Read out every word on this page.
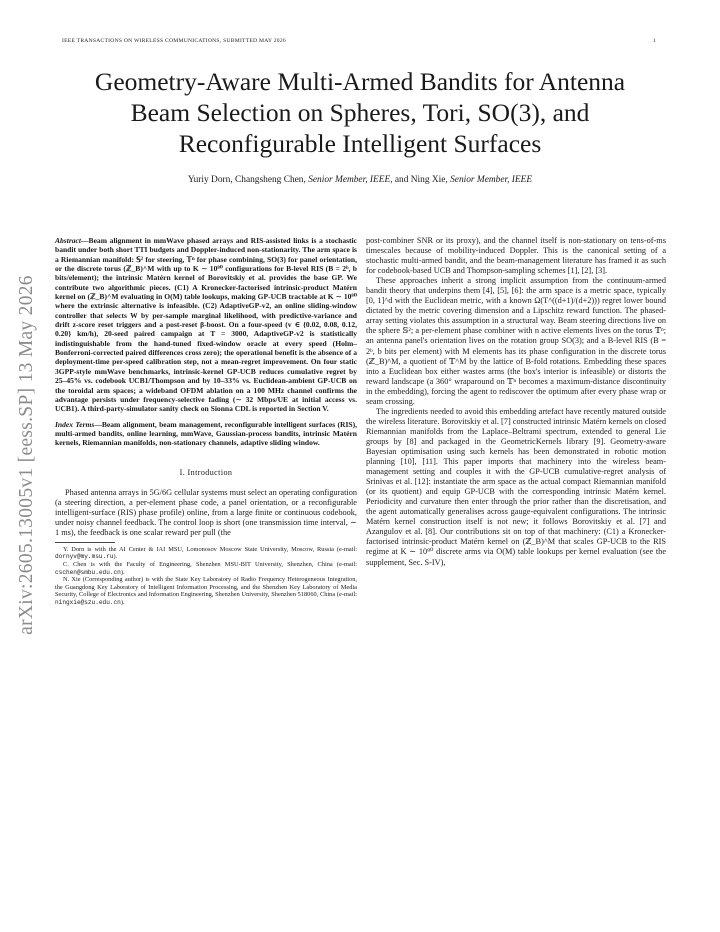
IEEE TRANSACTIONS ON WIRELESS COMMUNICATIONS, SUBMITTED MAY 2026	1
Geometry-Aware Multi-Armed Bandits for Antenna
Beam Selection on Spheres, Tori, SO(3), and
Reconfigurable Intelligent Surfaces
Yuriy Dorn, Changsheng Chen, Senior Member, IEEE, and Ning Xie, Senior Member, IEEE
arXiv:2605.13005v1 [eess.SP] 13 May 2026
Abstract—Beam alignment in mmWave phased arrays and RIS-assisted links is a stochastic bandit under both short TTI budgets and Doppler-induced non-stationarity. The arm space is a Riemannian manifold: 𝕊² for steering, 𝕋ⁿ for phase combining, SO(3) for panel orientation, or the discrete torus (ℤ_B)^M with up to K ∼ 10⁹⁰ configurations for B-level RIS (B = 2ᵇ, b bits/element); the intrinsic Matérn kernel of Borovitskiy et al. provides the base GP. We contribute two algorithmic pieces. (C1) A Kronecker-factorised intrinsic-product Matérn kernel on (ℤ_B)^M evaluating in O(M) table lookups, making GP-UCB tractable at K ∼ 10⁹⁰ where the extrinsic alternative is infeasible. (C2) AdaptiveGP-v2, an online sliding-window controller that selects W by per-sample marginal likelihood, with predictive-variance and drift z-score reset triggers and a post-reset β-boost. On a four-speed (v ∈ {0.02, 0.08, 0.12, 0.20} km/h), 20-seed paired campaign at T = 3000, AdaptiveGP-v2 is statistically indistinguishable from the hand-tuned fixed-window oracle at every speed (Holm–Bonferroni-corrected paired differences cross zero); the operational benefit is the absence of a deployment-time per-speed calibration step, not a mean-regret improvement. On four static 3GPP-style mmWave benchmarks, intrinsic-kernel GP-UCB reduces cumulative regret by 25–45% vs. codebook UCB1/Thompson and by 10–33% vs. Euclidean-ambient GP-UCB on the toroidal arm spaces; a wideband OFDM ablation on a 100 MHz channel confirms the advantage persists under frequency-selective fading (∼ 32 Mbps/UE at initial access vs. UCB1). A third-party-simulator sanity check on Sionna CDL is reported in Section V.
Index Terms—Beam alignment, beam management, reconfigurable intelligent surfaces (RIS), multi-armed bandits, online learning, mmWave, Gaussian-process bandits, intrinsic Matérn kernels, Riemannian manifolds, non-stationary channels, adaptive sliding window.
I. Introduction

Phased antenna arrays in 5G/6G cellular systems must select an operating configuration (a steering direction, a per-element phase code, a panel orientation, or a reconfigurable intelligent-surface (RIS) phase profile) online, from a large finite or continuous codebook, under noisy channel feedback. The control loop is short (one transmission time interval, ∼ 1 ms), the feedback is one scalar reward per pull (the

Y. Dorn is with the AI Center & IAI MSU, Lomonosov Moscow State University, Moscow, Russia (e-mail: dornyv@my.msu.ru).

C. Chen is with the Faculty of Engineering, Shenzhen MSU-BIT University, Shenzhen, China (e-mail: cschen@smbu.edu.cn).

N. Xie (Corresponding author) is with the State Key Laboratory of Radio Frequency Heterogeneous Integration, the Guangdong Key Laboratory of Intelligent Information Processing, and the Shenzhen Key Laboratory of Media Security, College of Electronics and Information Engineering, Shenzhen University, Shenzhen 518060, China (e-mail: ningxie@szu.edu.cn).

post-combiner SNR or its proxy), and the channel itself is non-stationary on tens-of-ms timescales because of mobility-induced Doppler. This is the canonical setting of a stochastic multi-armed bandit, and the beam-management literature has framed it as such for codebook-based UCB and Thompson-sampling schemes [1], [2], [3].

These approaches inherit a strong implicit assumption from the continuum-armed bandit theory that underpins them [4], [5], [6]: the arm space is a metric space, typically [0, 1]^d with the Euclidean metric, with a known Ω(T^((d+1)/(d+2))) regret lower bound dictated by the metric covering dimension and a Lipschitz reward function. The phased-array setting violates this assumption in a structural way. Beam steering directions live on the sphere 𝕊²; a per-element phase combiner with n active elements lives on the torus 𝕋ⁿ; an antenna panel's orientation lives on the rotation group SO(3); and a B-level RIS (B = 2ᵇ, b bits per element) with M elements has its phase configuration in the discrete torus (ℤ_B)^M, a quotient of 𝕋^M by the lattice of B-fold rotations. Embedding these spaces into a Euclidean box either wastes arms (the box's interior is infeasible) or distorts the reward landscape (a 360° wraparound on 𝕋ⁿ becomes a maximum-distance discontinuity in the embedding), forcing the agent to rediscover the optimum after every phase wrap or seam crossing.

The ingredients needed to avoid this embedding artefact have recently matured outside the wireless literature. Borovitskiy et al. [7] constructed intrinsic Matérn kernels on closed Riemannian manifolds from the Laplace–Beltrami spectrum, extended to general Lie groups by [8] and packaged in the GeometricKernels library [9]. Geometry-aware Bayesian optimisation using such kernels has been demonstrated in robotic motion planning [10], [11]. This paper imports that machinery into the wireless beam-management setting and couples it with the GP-UCB cumulative-regret analysis of Srinivas et al. [12]: instantiate the arm space as the actual compact Riemannian manifold (or its quotient) and equip GP-UCB with the corresponding intrinsic Matérn kernel. Periodicity and curvature then enter through the prior rather than the discretisation, and the agent automatically generalises across gauge-equivalent configurations. The intrinsic Matérn kernel construction itself is not new; it follows Borovitskiy et al. [7] and Azangulov et al. [8]. Our contributions sit on top of that machinery: (C1) a Kronecker-factorised intrinsic-product Matérn kernel on (ℤ_B)^M that scales GP-UCB to the RIS regime at K ∼ 10⁹⁰ discrete arms via O(M) table lookups per kernel evaluation (see the supplement, Sec. S-IV),
